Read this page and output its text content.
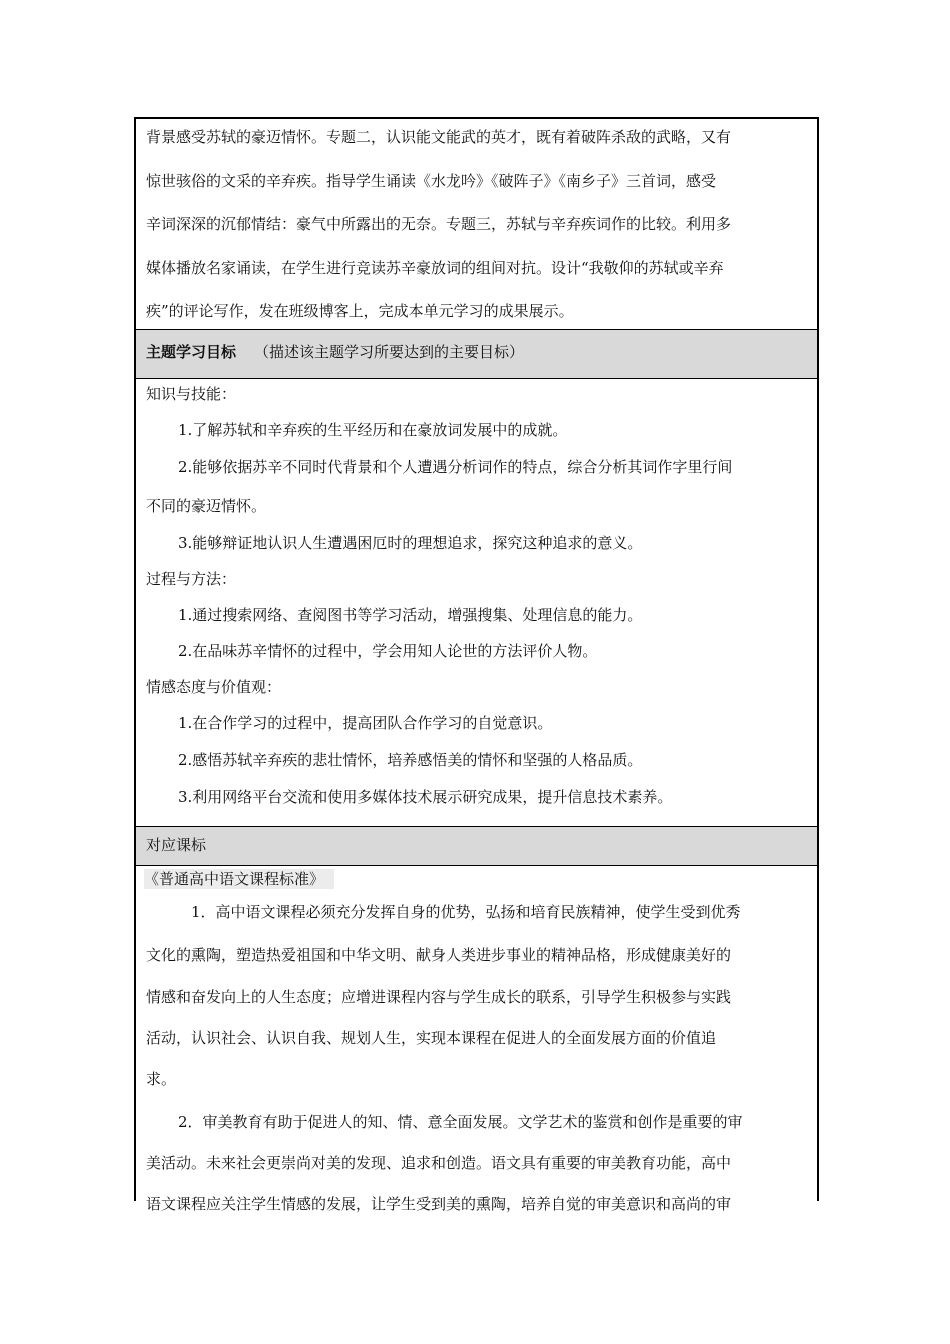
背景感受苏轼的豪迈情怀。专题二，认识能文能武的英才，既有着破阵杀敌的武略，又有
惊世骇俗的文采的辛弃疾。指导学生诵读《水龙吟》《破阵子》《南乡子》三首词，感受
辛词深深的沉郁情结：豪气中所露出的无奈。专题三，苏轼与辛弃疾词作的比较。利用多
媒体播放名家诵读，在学生进行竞读苏辛豪放词的组间对抗。设计“我敬仰的苏轼或辛弃
疾”的评论写作，发在班级博客上，完成本单元学习的成果展示。
主题学习目标 （描述该主题学习所要达到的主要目标）
知识与技能：
1.了解苏轼和辛弃疾的生平经历和在豪放词发展中的成就。
2.能够依据苏辛不同时代背景和个人遭遇分析词作的特点，综合分析其词作字里行间
不同的豪迈情怀。
3.能够辩证地认识人生遭遇困厄时的理想追求，探究这种追求的意义。
过程与方法：
1.通过搜索网络、查阅图书等学习活动，增强搜集、处理信息的能力。
2.在品味苏辛情怀的过程中，学会用知人论世的方法评价人物。
情感态度与价值观：
1.在合作学习的过程中，提高团队合作学习的自觉意识。
2.感悟苏轼辛弃疾的悲壮情怀，培养感悟美的情怀和坚强的人格品质。
3.利用网络平台交流和使用多媒体技术展示研究成果，提升信息技术素养。
对应课标
《普通高中语文课程标准》
1．高中语文课程必须充分发挥自身的优势，弘扬和培育民族精神，使学生受到优秀
文化的熏陶，塑造热爱祖国和中华文明、献身人类进步事业的精神品格，形成健康美好的
情感和奋发向上的人生态度；应增进课程内容与学生成长的联系，引导学生积极参与实践
活动，认识社会、认识自我、规划人生，实现本课程在促进人的全面发展方面的价值追
求。
2．审美教育有助于促进人的知、情、意全面发展。文学艺术的鉴赏和创作是重要的审
美活动。未来社会更崇尚对美的发现、追求和创造。语文具有重要的审美教育功能，高中
语文课程应关注学生情感的发展，让学生受到美的熏陶，培养自觉的审美意识和高尚的审
